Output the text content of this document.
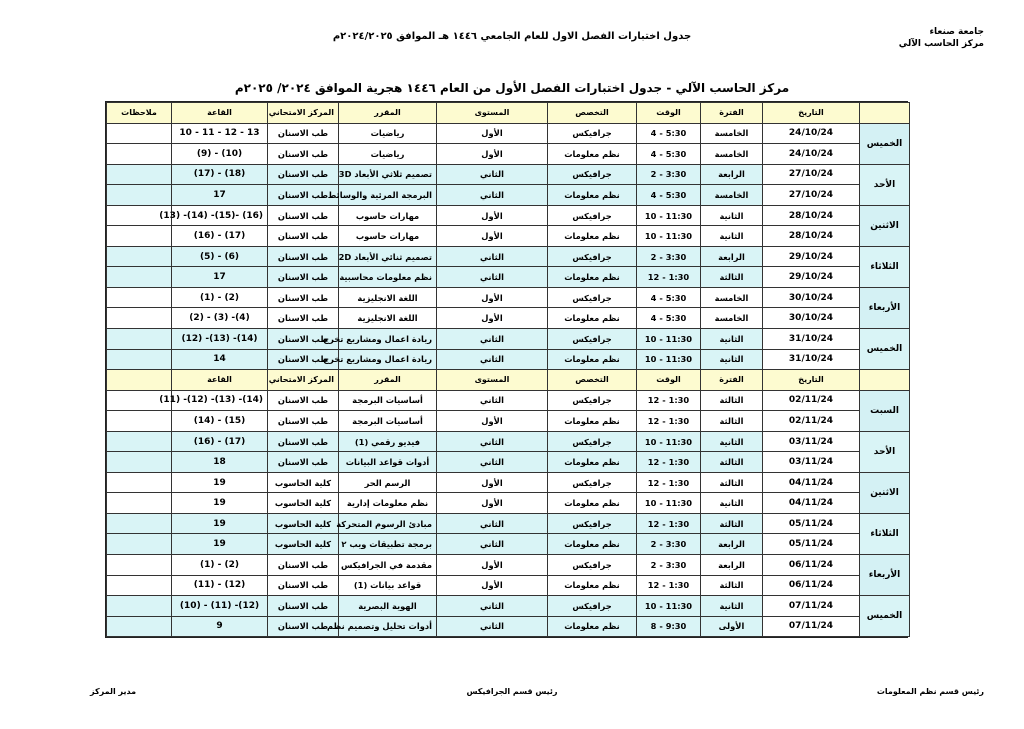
جامعة صنعاء
مركز الحاسب الآلي
جدول اختبارات الفصل الاول للعام الجامعي ١٤٤٦ هـ الموافق ٢٠٢٤/٢٠٢٥م
مركز الحاسب الآلي - جدول اختبارات الفصل الأول من العام ١٤٤٦ هجرية الموافق ٢٠٢٤/ ٢٠٢٥م
	التاريخ	الفترة	الوقت	التخصص	المستوى	المقرر	المركز الامتحاني	القاعة	ملاحظات
الخميس	24/10/24	الخامسة	5:30 - 4	جرافيكس	الأول	رياضيات	طب الاسنان	13 - 12 - 11 - 10	
	24/10/24	الخامسة	5:30 - 4	نظم معلومات	الأول	رياضيات	طب الاسنان	(10) - (9)	
الأحد	27/10/24	الرابعة	3:30 - 2	جرافيكس	الثاني	تصميم ثلاثي الأبعاد 3D	طب الاسنان	(18) - (17)	
	27/10/24	الخامسة	5:30 - 4	نظم معلومات	الثاني	البرمجة المرئية والوسائط	طب الاسنان	17	
الاثنين	28/10/24	الثانية	11:30 - 10	جرافيكس	الأول	مهارات حاسوب	طب الاسنان	(16) -(15)- (14)- (13)	
	28/10/24	الثانية	11:30 - 10	نظم معلومات	الأول	مهارات حاسوب	طب الاسنان	(17) - (16)	
الثلاثاء	29/10/24	الرابعة	3:30 - 2	جرافيكس	الثاني	تصميم ثنائي الأبعاد 2D	طب الاسنان	(6) - (5)	
	29/10/24	الثالثة	1:30 - 12	نظم معلومات	الثاني	نظم معلومات محاسبية	طب الاسنان	17	
الأربعاء	30/10/24	الخامسة	5:30 - 4	جرافيكس	الأول	اللغة الانجليزية	طب الاسنان	(2) - (1)	
	30/10/24	الخامسة	5:30 - 4	نظم معلومات	الأول	اللغة الانجليزية	طب الاسنان	(4)- (3) - (2)	
الخميس	31/10/24	الثانية	11:30 - 10	جرافيكس	الثاني	ريادة اعمال ومشاريع تخرج	طب الاسنان	(14)- (13)- (12)	
	31/10/24	الثانية	11:30 - 10	نظم معلومات	الثاني	ريادة اعمال ومشاريع تخرج	طب الاسنان	14	
	التاريخ	الفترة	الوقت	التخصص	المستوى	المقرر	المركز الامتحاني	القاعة	
السبت	02/11/24	الثالثة	1:30 - 12	جرافيكس	الثاني	أساسيات البرمجة	طب الاسنان	(14)- (13)- (12)- (11)	
	02/11/24	الثالثة	1:30 - 12	نظم معلومات	الأول	أساسيات البرمجة	طب الاسنان	(15) - (14)	
الأحد	03/11/24	الثانية	11:30 - 10	جرافيكس	الثاني	فيديو رقمي (1)	طب الاسنان	(17) - (16)	
	03/11/24	الثالثة	1:30 - 12	نظم معلومات	الثاني	أدوات قواعد البيانات	طب الاسنان	18	
الاثنين	04/11/24	الثالثة	1:30 - 12	جرافيكس	الأول	الرسم الحر	كلية الحاسوب	19	
	04/11/24	الثانية	11:30 - 10	نظم معلومات	الأول	نظم معلومات إدارية	كلية الحاسوب	19	
الثلاثاء	05/11/24	الثالثة	1:30 - 12	جرافيكس	الثاني	مبادئ الرسوم المتحركة	كلية الحاسوب	19	
	05/11/24	الرابعة	3:30 - 2	نظم معلومات	الثاني	برمجة تطبيقات ويب ٢	كلية الحاسوب	19	
الأربعاء	06/11/24	الرابعة	3:30 - 2	جرافيكس	الأول	مقدمة في الجرافيكس	طب الاسنان	(2) - (1)	
	06/11/24	الثالثة	1:30 - 12	نظم معلومات	الأول	قواعد بيانات (1)	طب الاسنان	(12) - (11)	
الخميس	07/11/24	الثانية	11:30 - 10	جرافيكس	الثاني	الهوية البصرية	طب الاسنان	(12)- (11) - (10)	
	07/11/24	الأولى	9:30 - 8	نظم معلومات	الثاني	أدوات تحليل وتصميم نظم	طب الاسنان	9	
رئيس قسم نظم المعلومات
رئيس قسم الجرافيكس
مدير المركز
